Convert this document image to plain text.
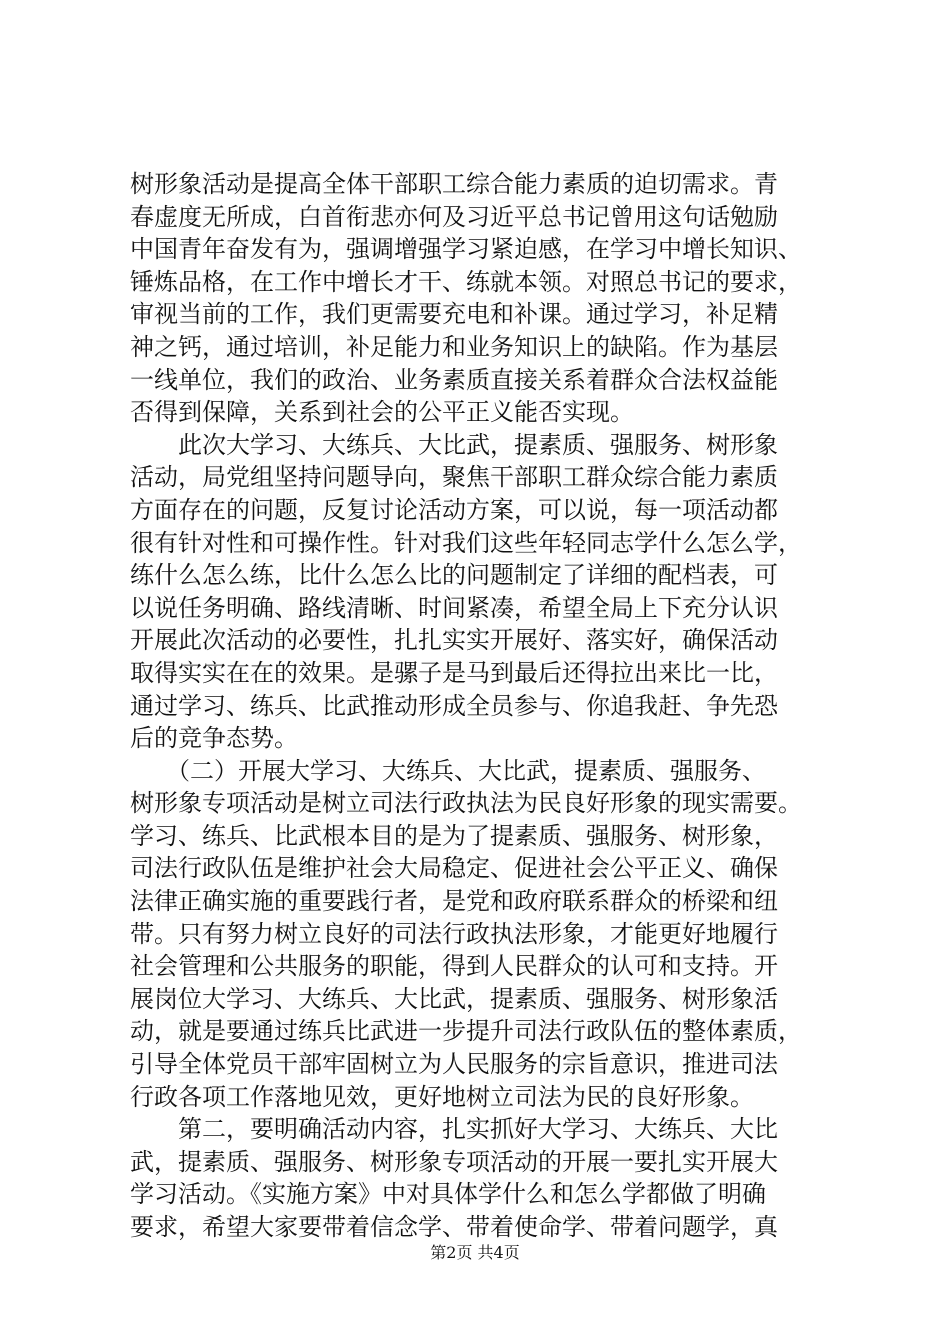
树形象活动是提高全体干部职工综合能力素质的迫切需求。青
春虚度无所成，白首衔悲亦何及习近平总书记曾用这句话勉励
中国青年奋发有为，强调增强学习紧迫感，在学习中增长知识、
锤炼品格，在工作中增长才干、练就本领。对照总书记的要求，
审视当前的工作，我们更需要充电和补课。通过学习，补足精
神之钙，通过培训，补足能力和业务知识上的缺陷。作为基层
一线单位，我们的政治、业务素质直接关系着群众合法权益能
否得到保障，关系到社会的公平正义能否实现。
　　此次大学习、大练兵、大比武，提素质、强服务、树形象
活动，局党组坚持问题导向，聚焦干部职工群众综合能力素质
方面存在的问题，反复讨论活动方案，可以说，每一项活动都
很有针对性和可操作性。针对我们这些年轻同志学什么怎么学，
练什么怎么练，比什么怎么比的问题制定了详细的配档表，可
以说任务明确、路线清晰、时间紧凑，希望全局上下充分认识
开展此次活动的必要性，扎扎实实开展好、落实好，确保活动
取得实实在在的效果。是骡子是马到最后还得拉出来比一比，
通过学习、练兵、比武推动形成全员参与、你追我赶、争先恐
后的竞争态势。
　　（二）开展大学习、大练兵、大比武，提素质、强服务、
树形象专项活动是树立司法行政执法为民良好形象的现实需要。
学习、练兵、比武根本目的是为了提素质、强服务、树形象，
司法行政队伍是维护社会大局稳定、促进社会公平正义、确保
法律正确实施的重要践行者，是党和政府联系群众的桥梁和纽
带。只有努力树立良好的司法行政执法形象，才能更好地履行
社会管理和公共服务的职能，得到人民群众的认可和支持。开
展岗位大学习、大练兵、大比武，提素质、强服务、树形象活
动，就是要通过练兵比武进一步提升司法行政队伍的整体素质，
引导全体党员干部牢固树立为人民服务的宗旨意识，推进司法
行政各项工作落地见效，更好地树立司法为民的良好形象。
　　第二，要明确活动内容，扎实抓好大学习、大练兵、大比
武，提素质、强服务、树形象专项活动的开展一要扎实开展大
学习活动。《实施方案》中对具体学什么和怎么学都做了明确
要求，希望大家要带着信念学、带着使命学、带着问题学，真
第2页 共4页
